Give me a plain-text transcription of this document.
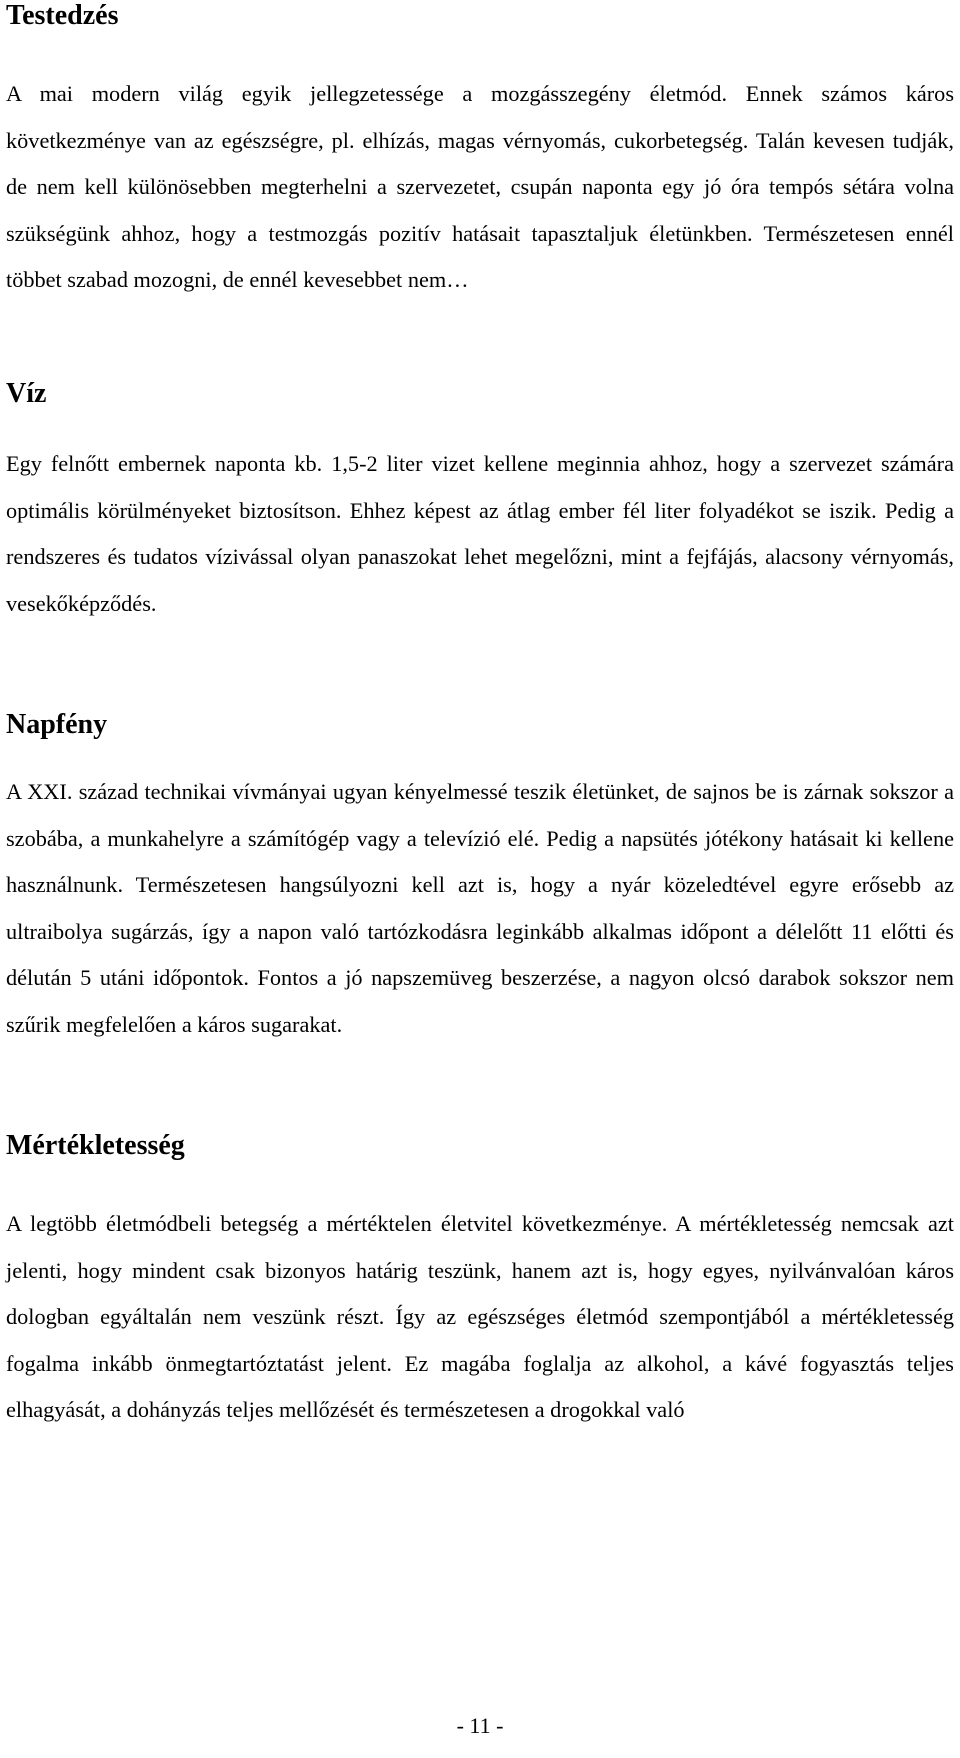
Testedzés

A mai modern világ egyik jellegzetessége a mozgásszegény életmód. Ennek számos káros következménye van az egészségre, pl. elhízás, magas vérnyomás, cukorbetegség. Talán kevesen tudják, de nem kell különösebben megterhelni a szervezetet, csupán naponta egy jó óra tempós sétára volna szükségünk ahhoz, hogy a testmozgás pozitív hatásait tapasztaljuk életünkben. Természetesen ennél többet szabad mozogni, de ennél kevesebbet nem…

Víz

Egy felnőtt embernek naponta kb. 1,5-2 liter vizet kellene meginnia ahhoz, hogy a szervezet számára optimális körülményeket biztosítson. Ehhez képest az átlag ember fél liter folyadékot se iszik. Pedig a rendszeres és tudatos vízivással olyan panaszokat lehet megelőzni, mint a fejfájás, alacsony vérnyomás, vesekőképződés.

Napfény

A XXI. század technikai vívmányai ugyan kényelmessé teszik életünket, de sajnos be is zárnak sokszor a szobába, a munkahelyre a számítógép vagy a televízió elé. Pedig a napsütés jótékony hatásait ki kellene használnunk. Természetesen hangsúlyozni kell azt is, hogy a nyár közeledtével egyre erősebb az ultraibolya sugárzás, így a napon való tartózkodásra leginkább alkalmas időpont a délelőtt 11 előtti és délután 5 utáni időpontok. Fontos a jó napszemüveg beszerzése, a nagyon olcsó darabok sokszor nem szűrik megfelelően a káros sugarakat.

Mértékletesség

A legtöbb életmódbeli betegség a mértéktelen életvitel következménye. A mértékletesség nemcsak azt jelenti, hogy mindent csak bizonyos határig teszünk, hanem azt is, hogy egyes, nyilvánvalóan káros dologban egyáltalán nem veszünk részt. Így az egészséges életmód szempontjából a mértékletesség fogalma inkább önmegtartóztatást jelent. Ez magába foglalja az alkohol, a kávé fogyasztás teljes elhagyását, a dohányzás teljes mellőzését és természetesen a drogokkal való

- 11 -
